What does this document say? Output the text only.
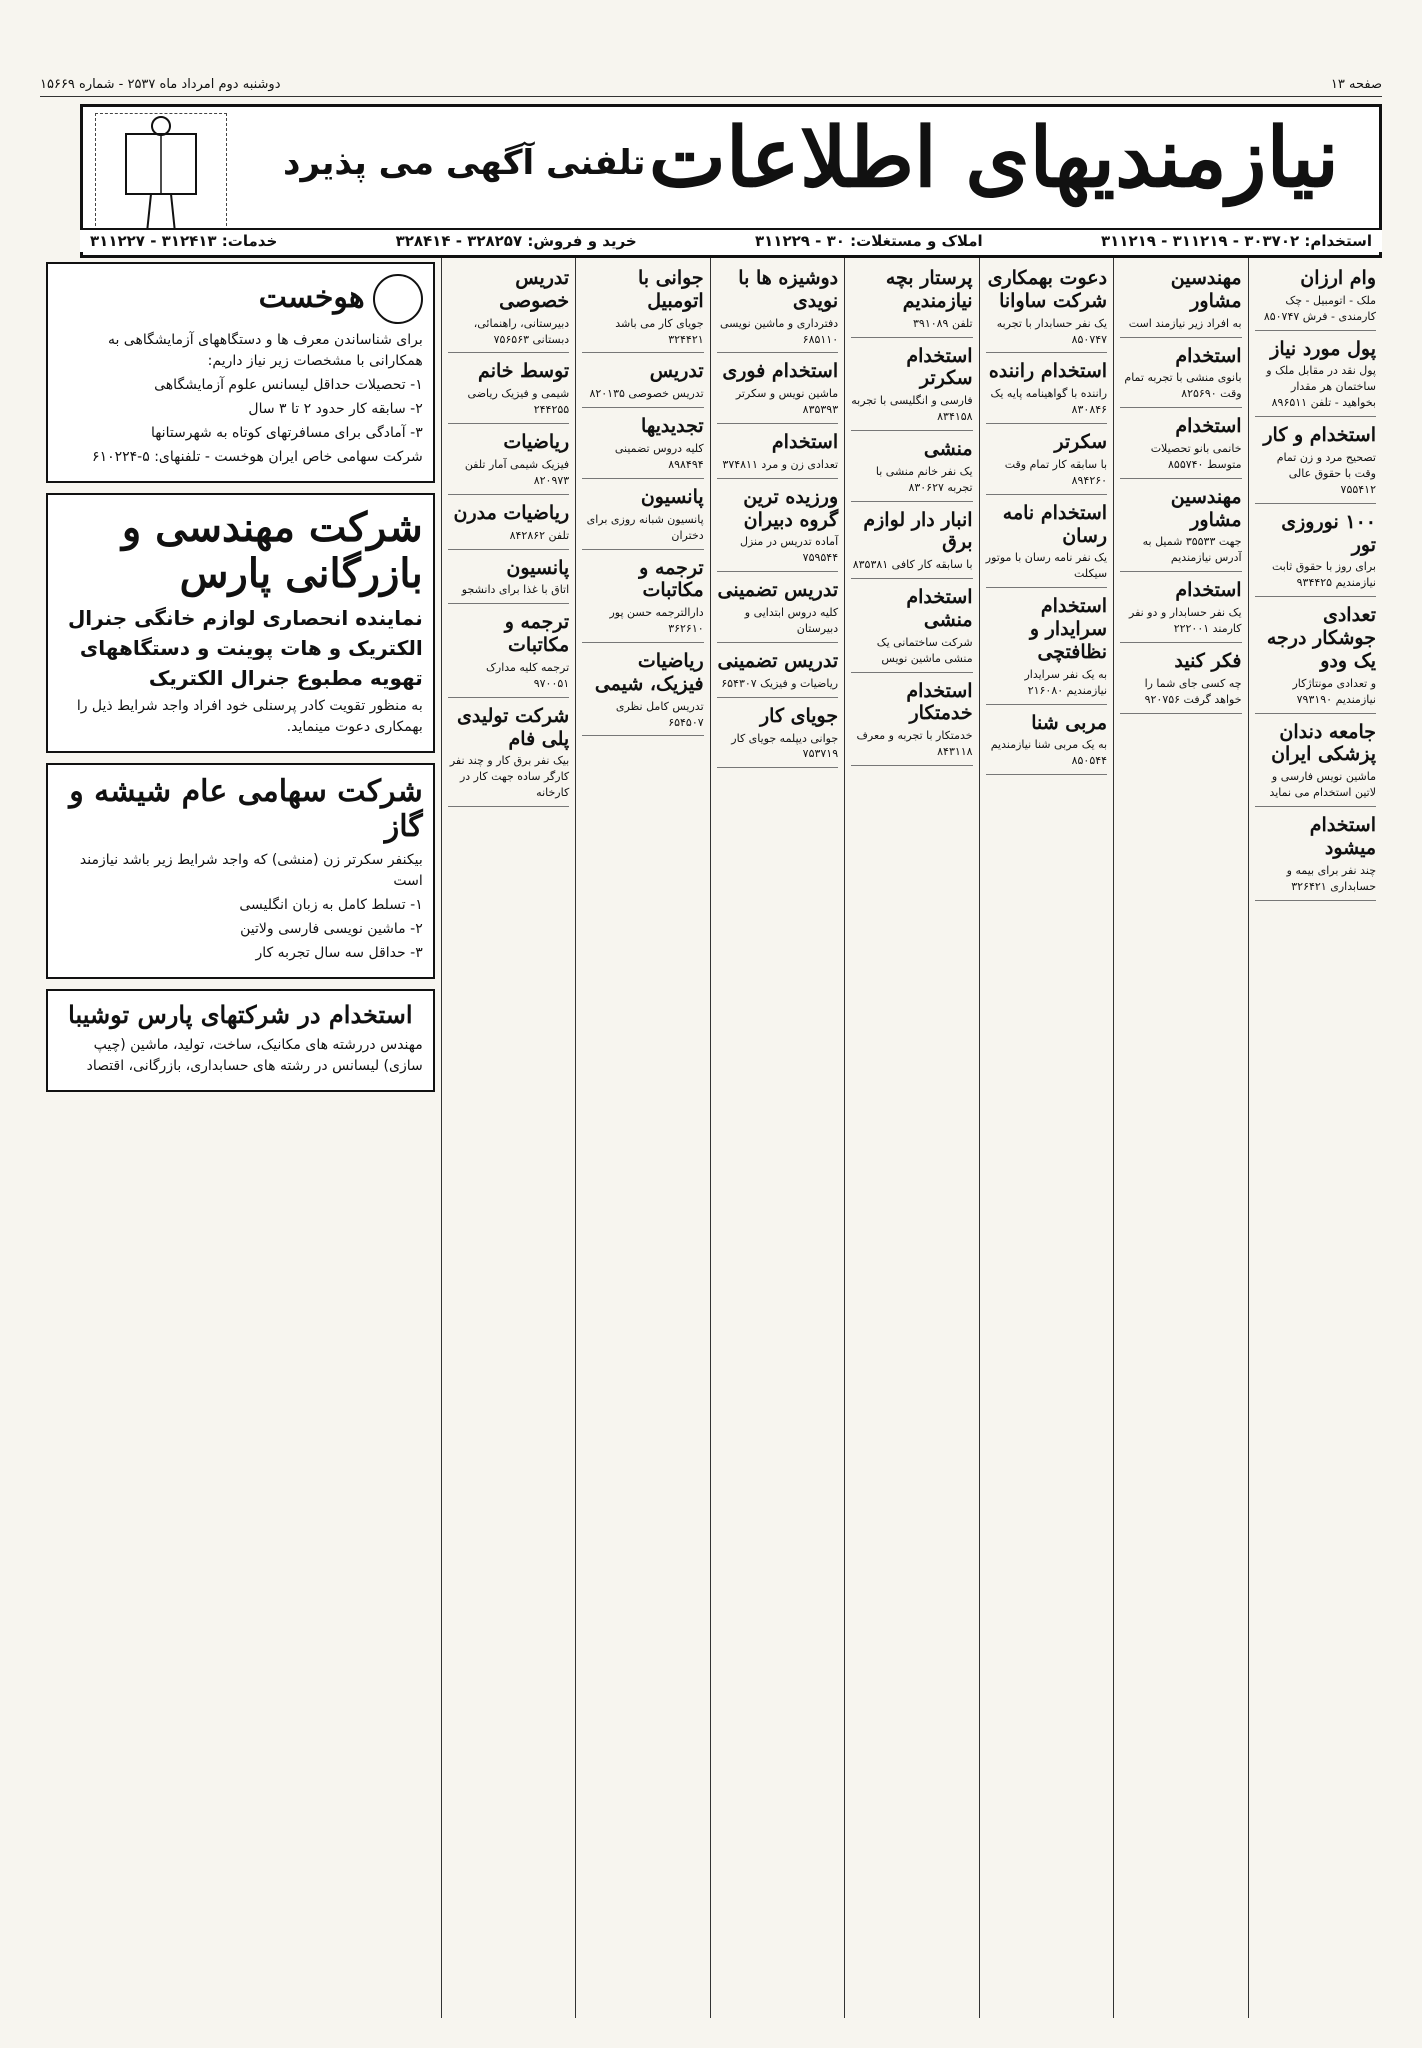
صفحه ۱۳
دوشنبه دوم امرداد ماه ۲۵۳۷ - شماره ۱۵۶۶۹
نیازمندیهای اطلاعات
تلفنی آگهی می پذیرد
استخدام: ۳۰۳۷۰۲ - ۳۱۱۲۱۹ - ۳۱۱۲۱۹
املاک و مستغلات: ۳۰ - ۳۱۱۲۲۹
خرید و فروش: ۳۲۸۲۵۷ - ۳۲۸۴۱۴
خدمات: ۳۱۲۴۱۳ - ۳۱۱۲۲۷
وام ارزان

ملک - اتومبیل - چک کارمندی - فرش ۸۵۰۷۴۷

پول مورد نیاز

پول نقد در مقابل ملک و ساختمان هر مقدار بخواهید - تلفن ۸۹۶۵۱۱

استخدام و کار

تصحیح مرد و زن تمام وقت با حقوق عالی ۷۵۵۴۱۲

۱۰۰ نوروزی تور

برای روز با حقوق ثابت نیازمندیم ۹۳۴۴۲۵

تعدادی جوشکار درجه یک ودو

و تعدادی مونتاژکار نیازمندیم ۷۹۳۱۹۰

جامعه دندان پزشکی ایران

ماشین نویس فارسی و لاتین استخدام می نماید

استخدام میشود

چند نفر برای بیمه و حسابداری ۳۲۶۴۲۱

مهندسین مشاور

به افراد زیر نیازمند است

استخدام

بانوی منشی با تجربه تمام وقت ۸۲۵۶۹۰

استخدام

خانمی بانو تحصیلات متوسط ۸۵۵۷۴۰

مهندسین مشاور

جهت ۳۵۵۳۳ شمیل به آدرس نیازمندیم

استخدام

یک نفر حسابدار و دو نفر کارمند ۲۲۲۰۰۱

فکر کنید

چه کسی جای شما را خواهد گرفت ۹۲۰۷۵۶

دعوت بهمکاری شرکت ساوانا

یک نفر حسابدار با تجربه ۸۵۰۷۴۷

استخدام راننده

راننده با گواهینامه پایه یک ۸۳۰۸۴۶

سکرتر

با سابقه کار تمام وقت ۸۹۴۲۶۰

استخدام نامه رسان

یک نفر نامه رسان با موتور سیکلت

استخدام سرایدار و نظافتچی

به یک نفر سرایدار نیازمندیم ۲۱۶۰۸۰

مربی شنا

به یک مربی شنا نیازمندیم ۸۵۰۵۴۴

پرستار بچه نیازمندیم

تلفن ۳۹۱۰۸۹

استخدام سکرتر

فارسی و انگلیسی با تجربه ۸۳۴۱۵۸

منشی

یک نفر خانم منشی با تجربه ۸۳۰۶۲۷

انبار دار لوازم برق

با سابقه کار کافی ۸۳۵۳۸۱

استخدام منشی

شرکت ساختمانی یک منشی ماشین نویس

استخدام خدمتکار

خدمتکار با تجربه و معرف ۸۴۳۱۱۸

دوشیزه ها با نویدی

دفترداری و ماشین نویسی ۶۸۵۱۱۰

استخدام فوری

ماشین نویس و سکرتر ۸۳۵۳۹۳

استخدام

تعدادی زن و مرد ۳۷۴۸۱۱

ورزیده ترین گروه دبیران

آماده تدریس در منزل ۷۵۹۵۴۴

تدریس تضمینی

کلیه دروس ابتدایی و دبیرستان

تدریس تضمینی

ریاضیات و فیزیک ۶۵۴۳۰۷

جویای کار

جوانی دیپلمه جویای کار ۷۵۳۷۱۹

جوانی با اتومبیل

جویای کار می باشد ۳۲۴۴۲۱

تدریس

تدریس خصوصی ۸۲۰۱۳۵

تجدیدیها

کلیه دروس تضمینی ۸۹۸۴۹۴

پانسیون

پانسیون شبانه روزی برای دختران

ترجمه و مکاتبات

دارالترجمه حسن پور ۳۶۲۶۱۰

ریاضیات فیزیک، شیمی

تدریس کامل نظری ۶۵۴۵۰۷

تدریس خصوصی

دبیرستانی، راهنمائی، دبستانی ۷۵۶۵۶۳

توسط خانم

شیمی و فیزیک ریاضی ۲۴۴۲۵۵

ریاضیات

فیزیک شیمی آمار تلفن ۸۲۰۹۷۳

ریاضیات مدرن

تلفن ۸۴۲۸۶۲

پانسیون

اتاق با غذا برای دانشجو

ترجمه و مکاتبات

ترجمه کلیه مدارک ۹۷۰۰۵۱

شرکت تولیدی پلی فام

بیک نفر برق کار و چند نفر کارگر ساده جهت کار در کارخانه

هوخست

برای شناساندن معرف ها و دستگاههای آزمایشگاهی به همکارانی با مشخصات زیر نیاز داریم:

۱- تحصیلات حداقل لیسانس علوم آزمایشگاهی

۲- سابقه کار حدود ۲ تا ۳ سال

۳- آمادگی برای مسافرتهای کوتاه به شهرستانها

شرکت سهامی خاص ایران هوخست - تلفنهای: ۵-۶۱۰۲۲۴

شرکت مهندسی و بازرگانی پارس

نماینده انحصاری لوازم خانگی جنرال الکتریک و هات پوینت و دستگاههای تهویه مطبوع جنرال الکتریک

به منظور تقویت کادر پرسنلی خود افراد واجد شرایط ذیل را بهمکاری دعوت مینماید.

شرکت سهامی عام شیشه و گاز

بیکنفر سکرتر زن (منشی) که واجد شرایط زیر باشد نیازمند است

۱- تسلط کامل به زبان انگلیسی

۲- ماشین نویسی فارسی ولاتین

۳- حداقل سه سال تجربه کار

استخدام در شرکتهای پارس توشیبا

مهندس دررشته های مکانیک، ساخت، تولید، ماشین (چیپ سازی) لیسانس در رشته های حسابداری، بازرگانی، اقتصاد
